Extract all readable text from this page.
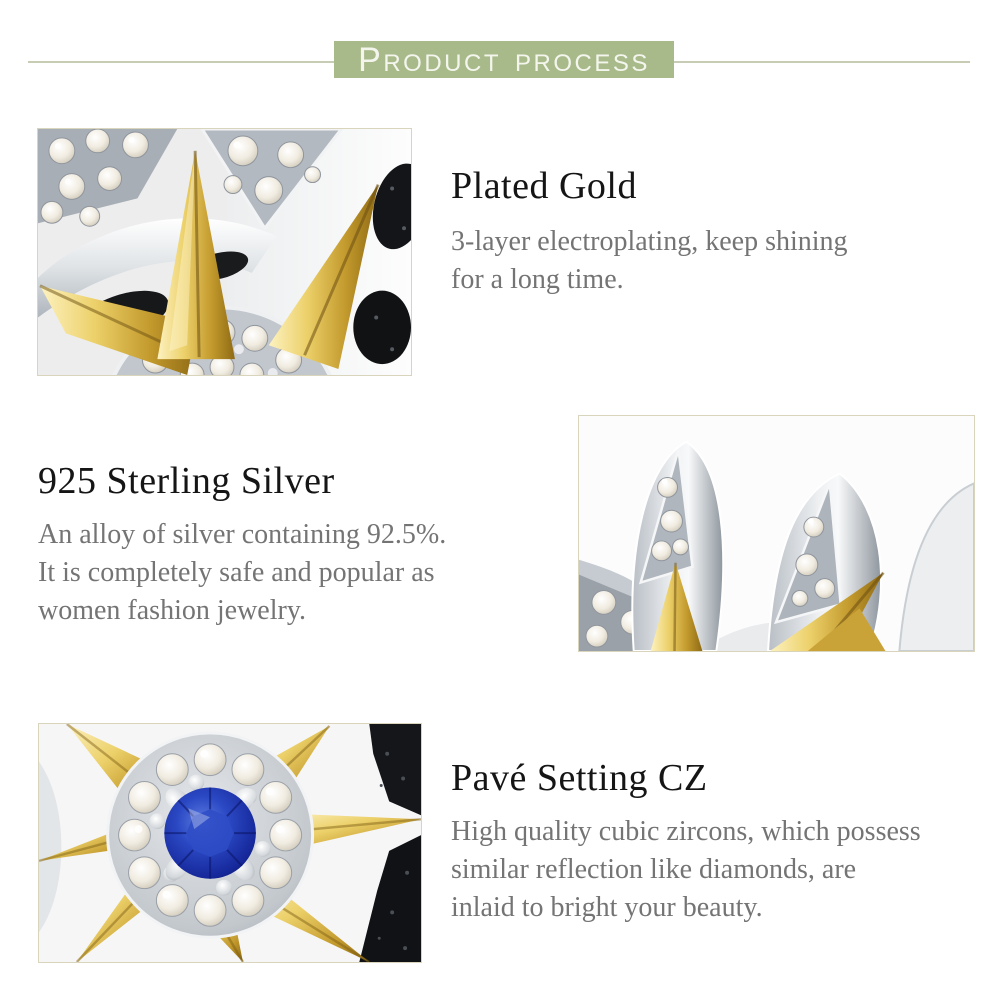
PRODUCT PROCESS
Plated Gold
3-layer electroplating, keep shining
for a long time.
925 Sterling Silver
An alloy of silver containing 92.5%.
It is completely safe and popular as
women fashion jewelry.
Pavé Setting CZ
High quality cubic zircons, which possess
similar reflection like diamonds, are
inlaid to bright your beauty.
